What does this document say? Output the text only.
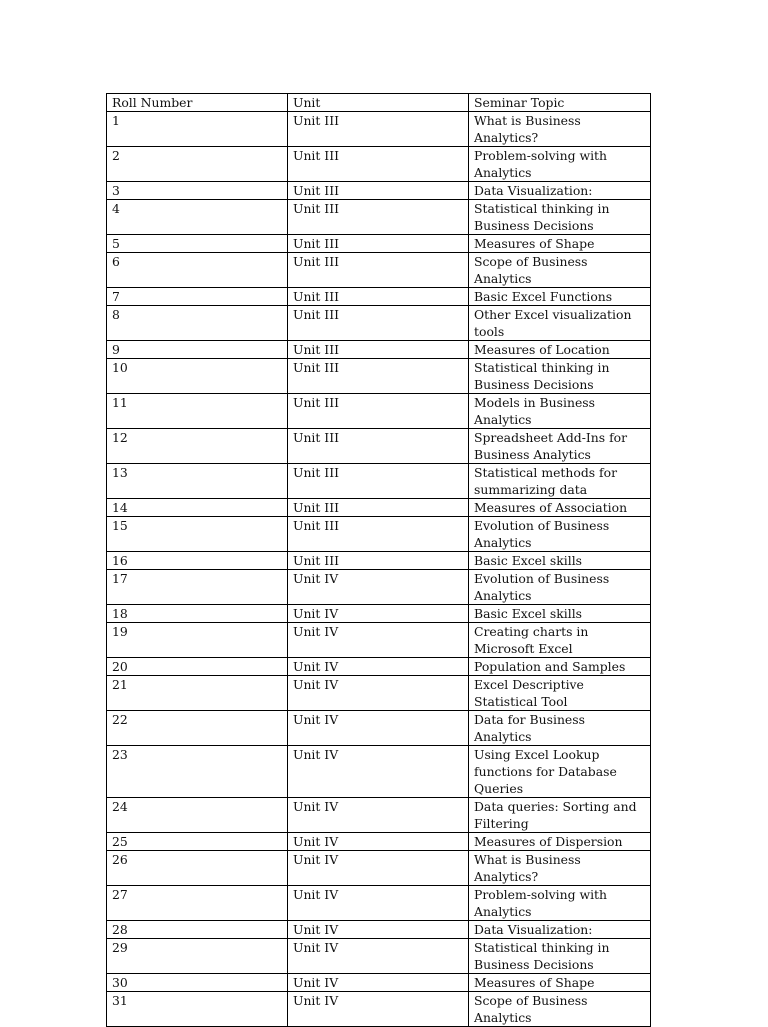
Roll Number	Unit	Seminar Topic
1	Unit III	What is Business Analytics?
2	Unit III	Problem-solving with Analytics
3	Unit III	Data Visualization:
4	Unit III	Statistical thinking in Business Decisions
5	Unit III	Measures of Shape
6	Unit III	Scope of Business Analytics
7	Unit III	Basic Excel Functions
8	Unit III	Other Excel visualization tools
9	Unit III	Measures of Location
10	Unit III	Statistical thinking in Business Decisions
11	Unit III	Models in Business Analytics
12	Unit III	Spreadsheet Add-Ins for Business Analytics
13	Unit III	Statistical methods for summarizing data
14	Unit III	Measures of Association
15	Unit III	Evolution of Business Analytics
16	Unit III	Basic Excel skills
17	Unit IV	Evolution of Business Analytics
18	Unit IV	Basic Excel skills
19	Unit IV	Creating charts in Microsoft Excel
20	Unit IV	Population and Samples
21	Unit IV	Excel Descriptive Statistical Tool
22	Unit IV	Data for Business Analytics
23	Unit IV	Using Excel Lookup functions for Database Queries
24	Unit IV	Data queries: Sorting and Filtering
25	Unit IV	Measures of Dispersion
26	Unit IV	What is Business Analytics?
27	Unit IV	Problem-solving with Analytics
28	Unit IV	Data Visualization:
29	Unit IV	Statistical thinking in Business Decisions
30	Unit IV	Measures of Shape
31	Unit IV	Scope of Business Analytics
